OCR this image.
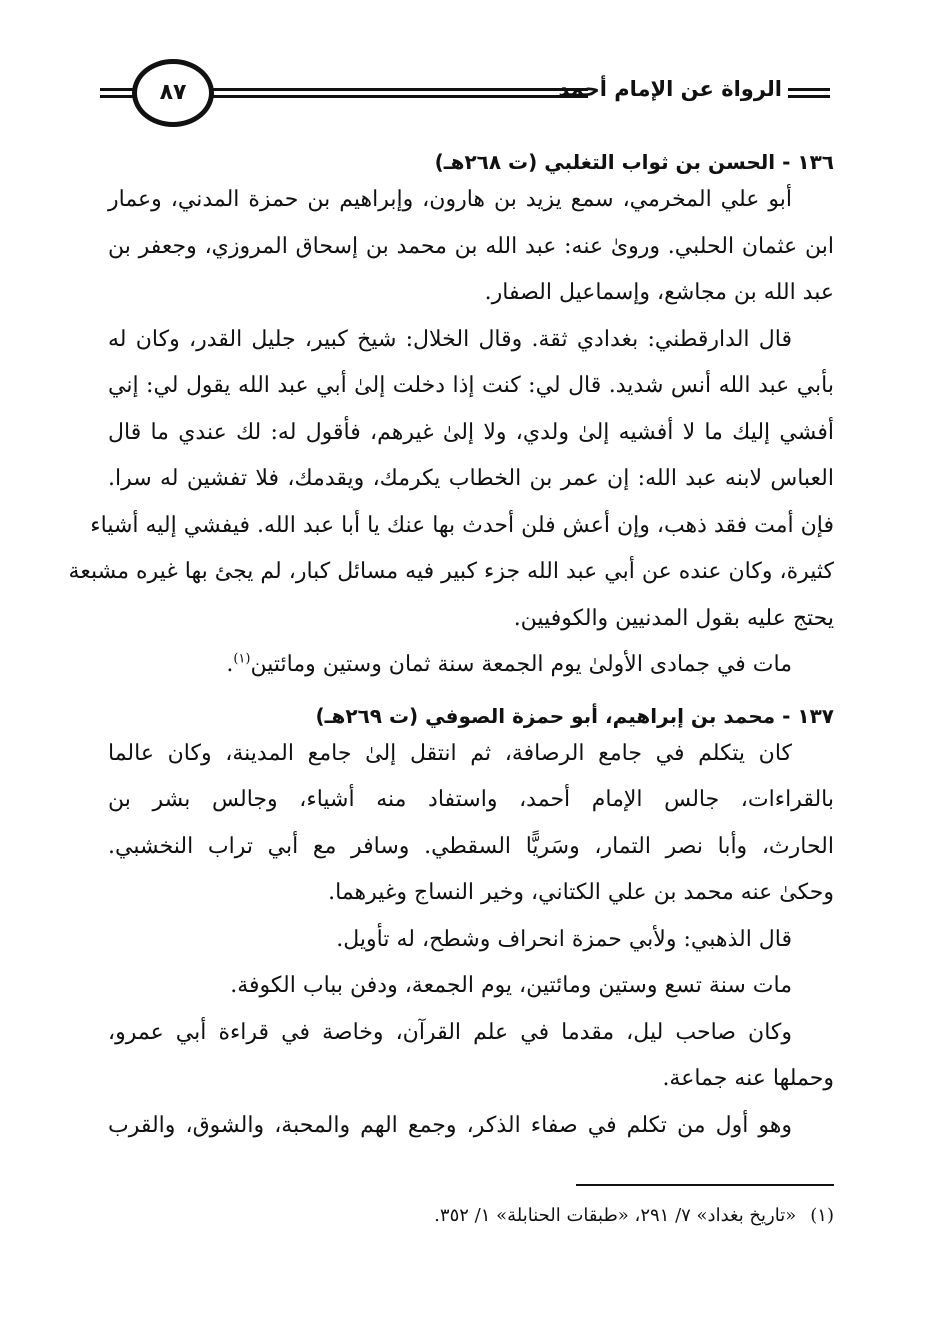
الرواة عن الإمام أحمد
٨٧

١٣٦ - الحسن بن ثواب التغلبي (ت ٢٦٨هـ)

أبو علي المخرمي، سمع يزيد بن هارون، وإبراهيم بن حمزة المدني، وعمار

ابن عثمان الحلبي. وروىٰ عنه: عبد الله بن محمد بن إسحاق المروزي، وجعفر بن

عبد الله بن مجاشع، وإسماعيل الصفار.

قال الدارقطني: بغدادي ثقة. وقال الخلال: شيخ كبير، جليل القدر، وكان له

بأبي عبد الله أنس شديد. قال لي: كنت إذا دخلت إلىٰ أبي عبد الله يقول لي: إني

أفشي إليك ما لا أفشيه إلىٰ ولدي، ولا إلىٰ غيرهم، فأقول له: لك عندي ما قال

العباس لابنه عبد الله: إن عمر بن الخطاب يكرمك، ويقدمك، فلا تفشين له سرا.

فإن أمت فقد ذهب، وإن أعش فلن أحدث بها عنك يا أبا عبد الله. فيفشي إليه أشياء

كثيرة، وكان عنده عن أبي عبد الله جزء كبير فيه مسائل كبار، لم يجئ بها غيره مشبعة

يحتج عليه بقول المدنيين والكوفيين.

مات في جمادى الأولىٰ يوم الجمعة سنة ثمان وستين ومائتين$^{(١)}$.

١٣٧ - محمد بن إبراهيم، أبو حمزة الصوفي (ت ٢٦٩هـ)

كان يتكلم في جامع الرصافة، ثم انتقل إلىٰ جامع المدينة، وكان عالما

بالقراءات، جالس الإمام أحمد، واستفاد منه أشياء، وجالس بشر بن

الحارث، وأبا نصر التمار، وسَريًّا السقطي. وسافر مع أبي تراب النخشبي.

وحكىٰ عنه محمد بن علي الكتاني، وخير النساج وغيرهما.

قال الذهبي: ولأبي حمزة انحراف وشطح، له تأويل.

مات سنة تسع وستين ومائتين، يوم الجمعة، ودفن بباب الكوفة.

وكان صاحب ليل، مقدما في علم القرآن، وخاصة في قراءة أبي عمرو،

وحملها عنه جماعة.

وهو أول من تكلم في صفاء الذكر، وجمع الهم والمحبة، والشوق، والقرب

(١)«تاريخ بغداد» ٧/ ٢٩١، «طبقات الحنابلة» ١/ ٣٥٢.
